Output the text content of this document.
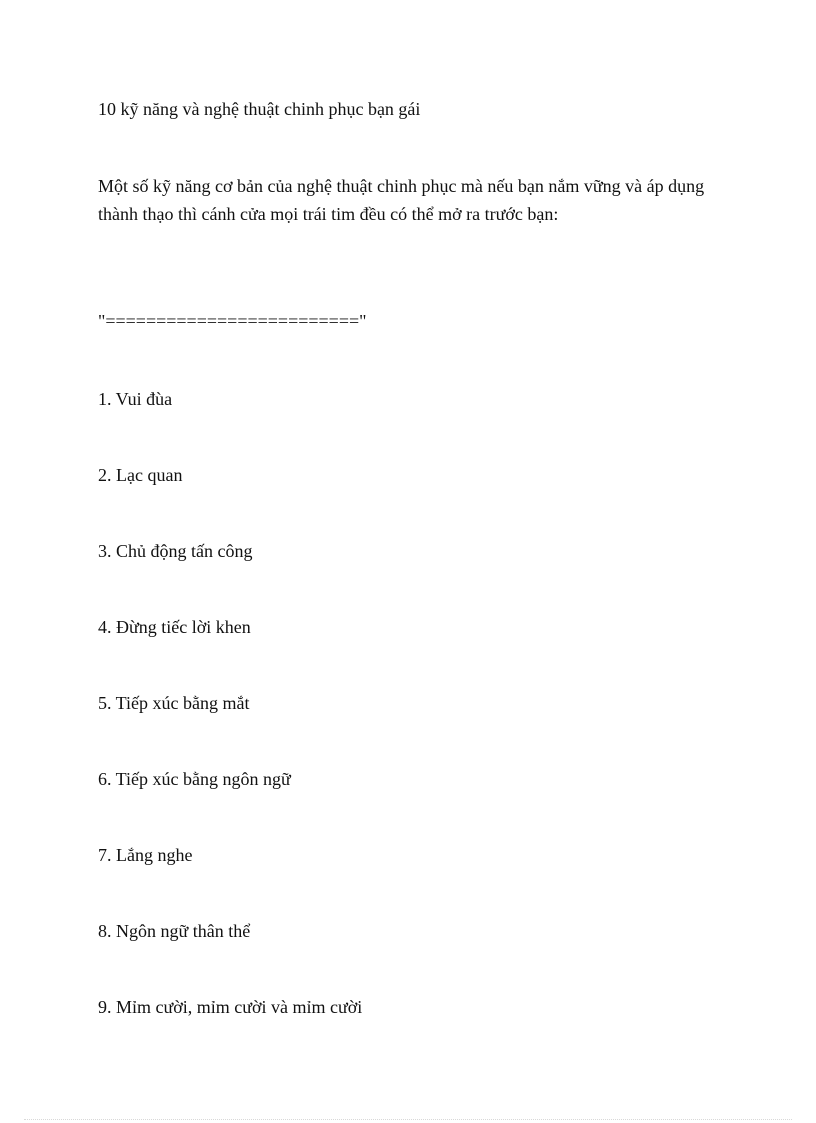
10 kỹ năng và nghệ thuật chinh phục bạn gái
Một số kỹ năng cơ bản của nghệ thuật chinh phục mà nếu bạn nắm vững và áp dụng thành thạo thì cánh cửa mọi trái tim đều có thể mở ra trước bạn:
"========================="
1. Vui đùa
2. Lạc quan
3. Chủ động tấn công
4. Đừng tiếc lời khen
5. Tiếp xúc bằng mắt
6. Tiếp xúc bằng ngôn ngữ
7. Lắng nghe
8. Ngôn ngữ thân thể
9. Mỉm cười, mỉm cười và mỉm cười
